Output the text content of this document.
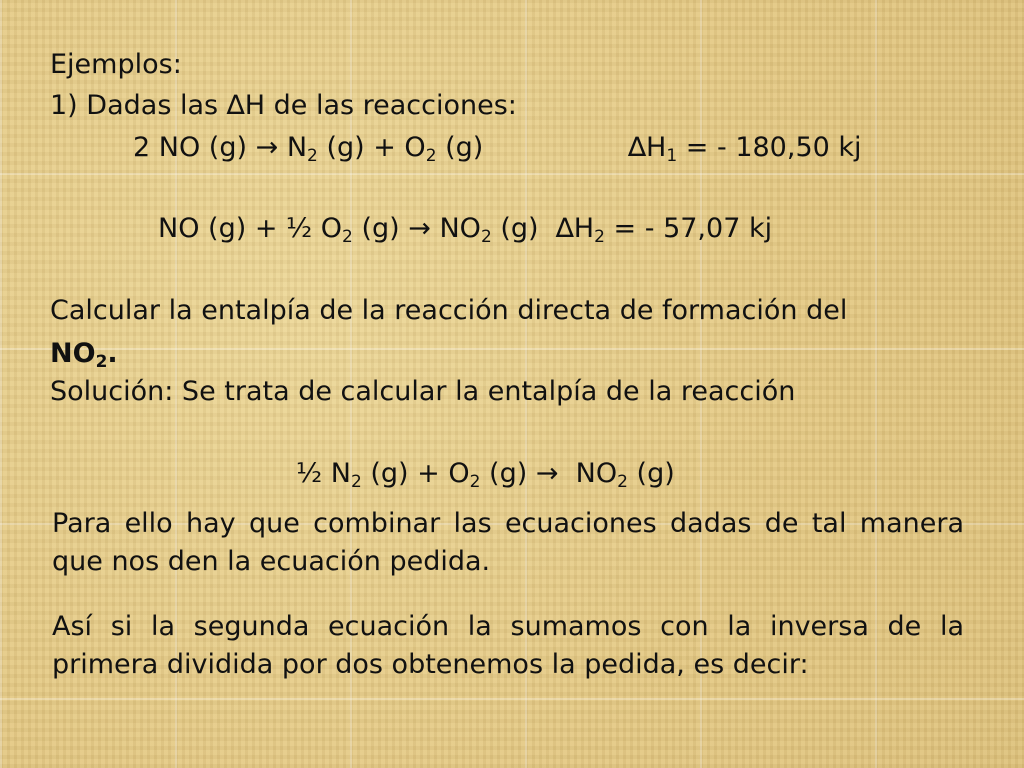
Ejemplos:
1) Dadas las ∆H de las reacciones:
2 NO $(g) \to N_2$ $(g) + O_2$ (g)	$\Delta H_1$ = - 180,50 kj
NO (g) + ½ $O_2$ $(g) \to NO_2$ (g) $\Delta H_2$ = - 57,07 kj
Calcular la entalpía de la reacción directa de formación del
$NO_2$.
Solución: Se trata de calcular la entalpía de la reacción
½ $N_2$ $(g) + O_2$ $(g) \to NO_2$ (g)
Para ello hay que combinar las ecuaciones dadas de tal manera que nos den la ecuación pedida.
Así si la segunda ecuación la sumamos con la inversa de la primera dividida por dos obtenemos la pedida, es decir:
